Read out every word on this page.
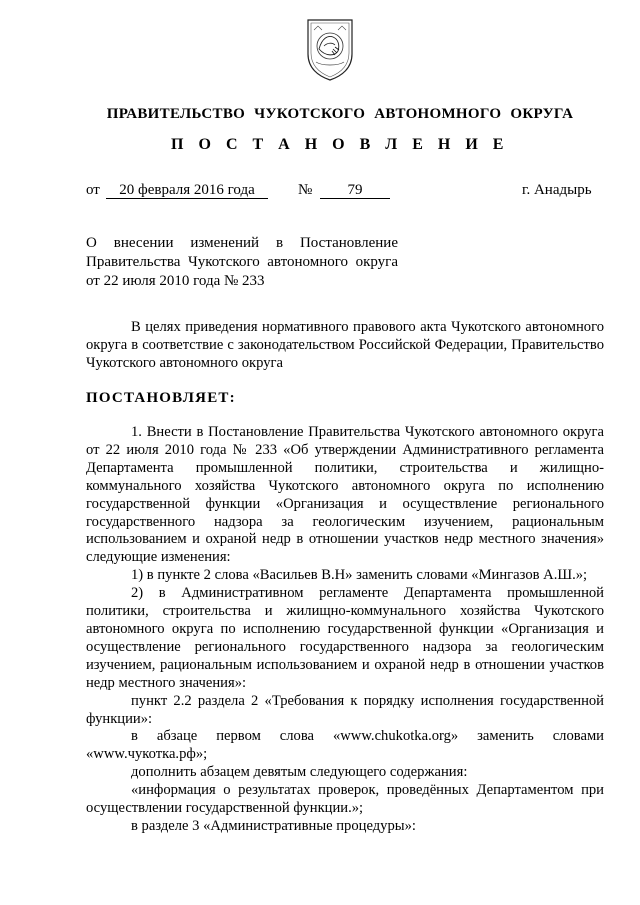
ПРАВИТЕЛЬСТВО ЧУКОТСКОГО АВТОНОМНОГО ОКРУГА
П О С Т А Н О В Л Е Н И Е
от	20 февраля 2016 года	№	79	г. Анадырь
О внесении изменений в Постановление
Правительства Чукотского автономного округа
от 22 июля 2010 года № 233

В целях приведения нормативного правового акта Чукотского автономного округа в соответствие с законодательством Российской Федерации, Правительство Чукотского автономного округа

ПОСТАНОВЛЯЕТ:

1. Внести в Постановление Правительства Чукотского автономного округа от 22 июля 2010 года № 233 «Об утверждении Административного регламента Департамента промышленной политики, строительства и жилищно-коммунального хозяйства Чукотского автономного округа по исполнению государственной функции «Организация и осуществление регионального государственного надзора за геологическим изучением, рациональным использованием и охраной недр в отношении участков недр местного значения» следующие изменения:

1) в пункте 2 слова «Васильев В.Н» заменить словами «Мингазов А.Ш.»;

2) в Административном регламенте Департамента промышленной политики, строительства и жилищно-коммунального хозяйства Чукотского автономного округа по исполнению государственной функции «Организация и осуществление регионального государственного надзора за геологическим изучением, рациональным использованием и охраной недр в отношении участков недр местного значения»:

пункт 2.2 раздела 2 «Требования к порядку исполнения государственной функции»:

в абзаце первом слова «www.chukotka.org» заменить словами «www.чукотка.рф»;

дополнить абзацем девятым следующего содержания:

«информация о результатах проверок, проведённых Департаментом при осуществлении государственной функции.»;

в разделе 3 «Административные процедуры»:
